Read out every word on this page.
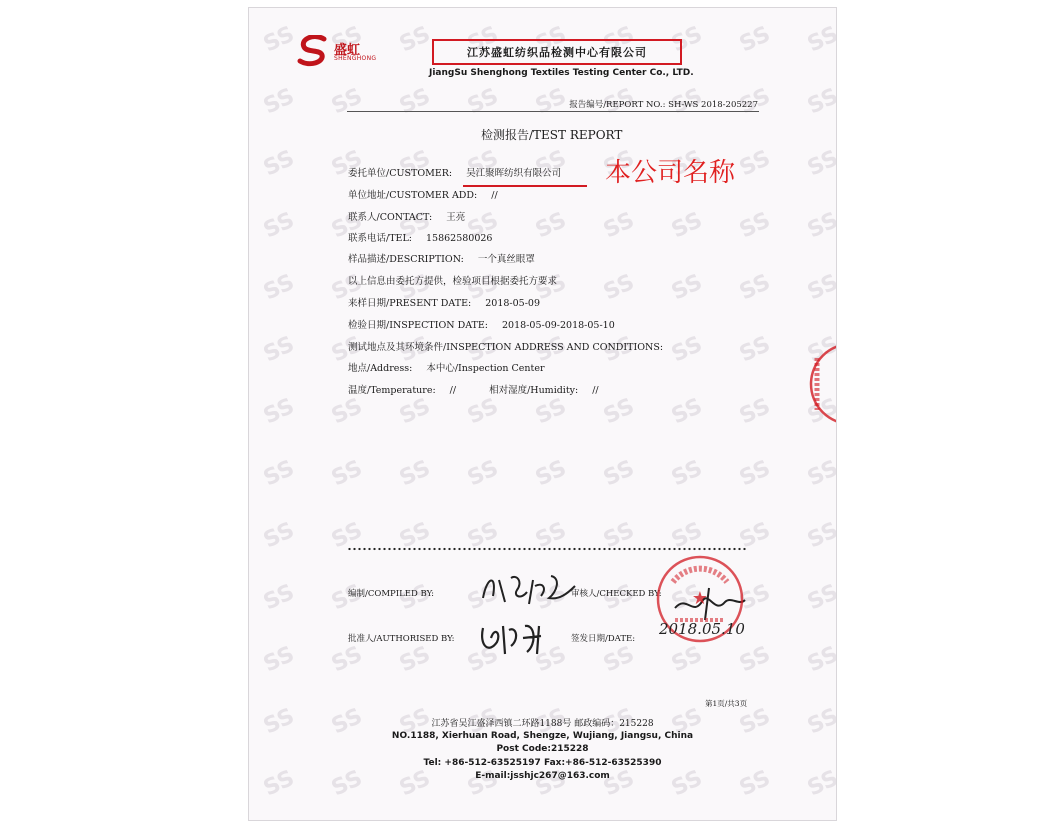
盛虹
SHENGHONG	江苏盛虹纺织品检测中心有限公司
JiangSu Shenghong Textiles Testing Center Co., LTD.
报告编号/REPORT NO.: SH-WS 2018-205227
检测报告/TEST REPORT
委托单位/CUSTOMER: 吴江聚晖纺织有限公司
单位地址/CUSTOMER ADD: //
联系人/CONTACT: 王亮
联系电话/TEL: 15862580026
样品描述/DESCRIPTION: 一个真丝眼罩
以上信息由委托方提供，检验项目根据委托方要求
来样日期/PRESENT DATE: 2018-05-09
检验日期/INSPECTION DATE: 2018-05-09-2018-05-10
测试地点及其环境条件/INSPECTION ADDRESS AND CONDITIONS:
地点/Address: 本中心/Inspection Center
温度/Temperature: //	相对湿度/Humidity: //
编制/COMPILED BY:	审核人/CHECKED BY:
批准人/AUTHORISED BY:	签发日期/DATE:
★
2018.05.10
第1页/共3页
江苏省吴江盛泽西镇二环路1188号 邮政编码：215228
NO.1188, Xierhuan Road, Shengze, Wujiang, Jiangsu, China
Post Code:215228
Tel: +86-512-63525197 Fax:+86-512-63525390
E-mail:jsshjc267@163.com
本公司名称
